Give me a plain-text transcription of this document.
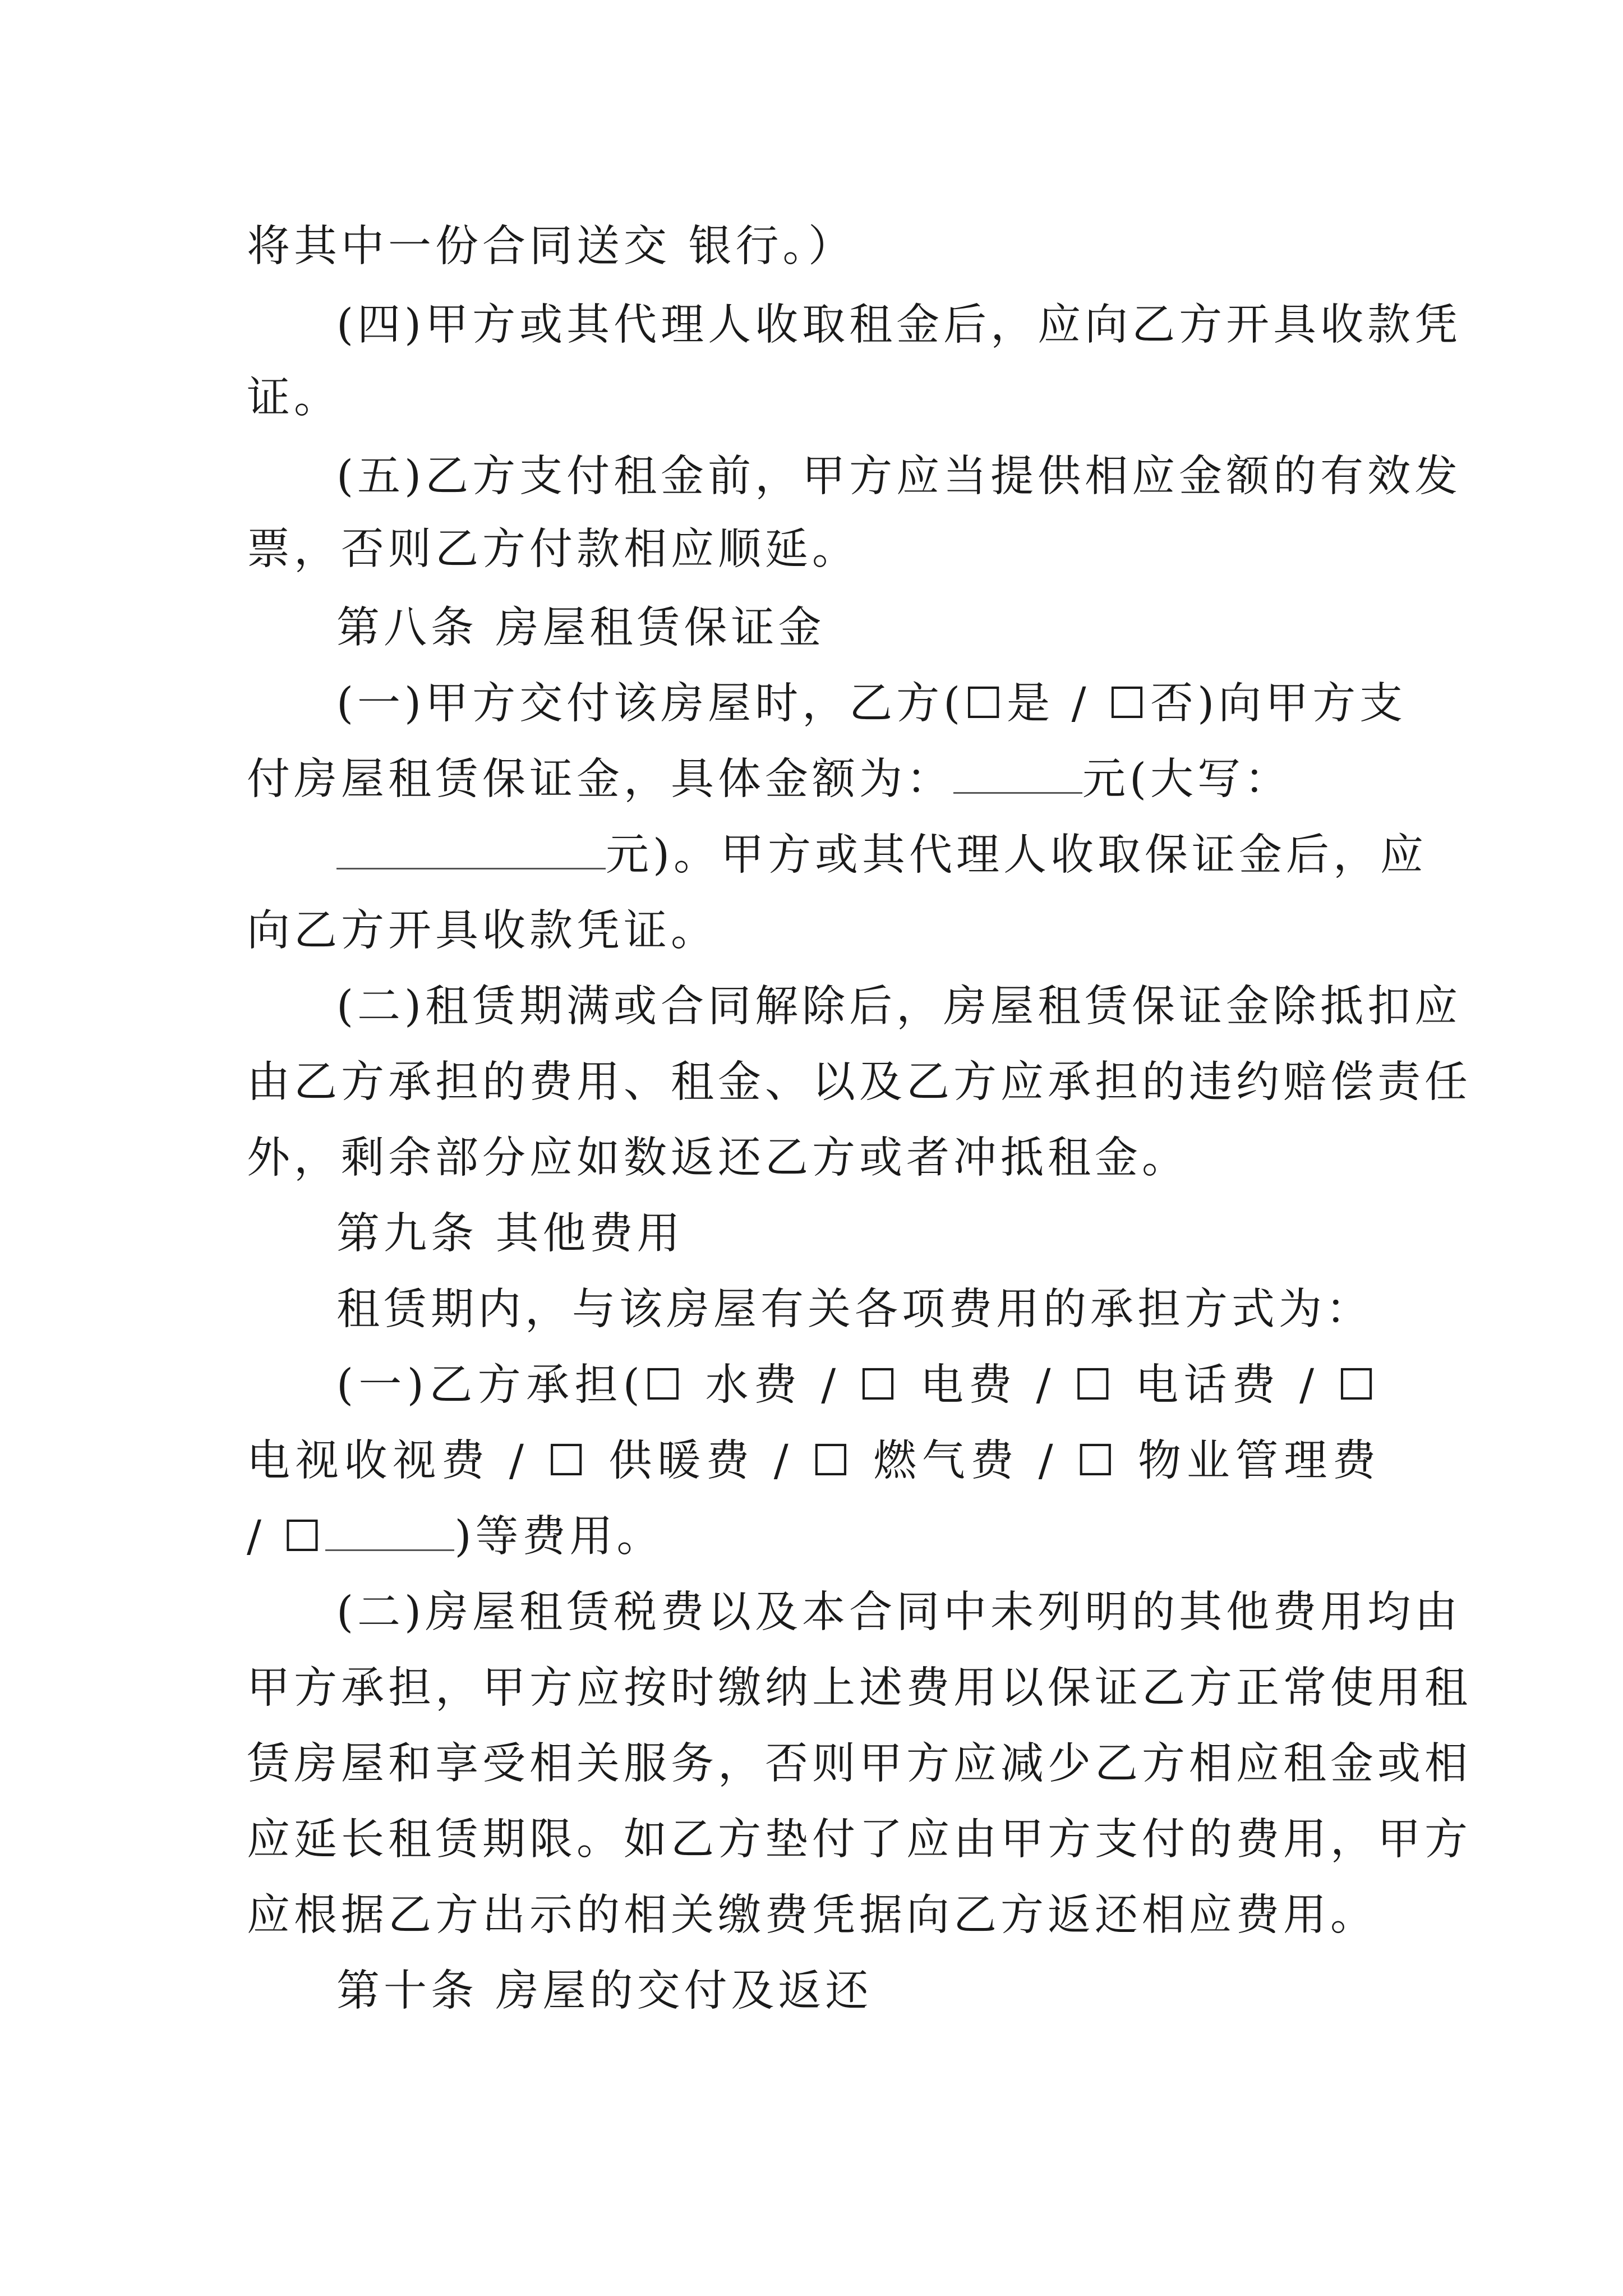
将其中一份合同送交 银行。）
(四)甲方或其代理人收取租金后，应向乙方开具收款凭
证。
(五)乙方支付租金前，甲方应当提供相应金额的有效发
票，否则乙方付款相应顺延。
第八条 房屋租赁保证金
(一)甲方交付该房屋时，乙方(☐是 / ☐否)向甲方支
付房屋租赁保证金，具体金额为：	元(大写：
元)。甲方或其代理人收取保证金后，应
向乙方开具收款凭证。
(二)租赁期满或合同解除后，房屋租赁保证金除抵扣应
由乙方承担的费用、租金、以及乙方应承担的违约赔偿责任
外，剩余部分应如数返还乙方或者冲抵租金。
第九条 其他费用
租赁期内，与该房屋有关各项费用的承担方式为：
(一)乙方承担(☐ 水费 / ☐ 电费 / ☐ 电话费 / ☐
电视收视费 / ☐ 供暖费 / ☐ 燃气费 / ☐ 物业管理费
/ ☐	)等费用。
(二)房屋租赁税费以及本合同中未列明的其他费用均由
甲方承担，甲方应按时缴纳上述费用以保证乙方正常使用租
赁房屋和享受相关服务，否则甲方应减少乙方相应租金或相
应延长租赁期限。如乙方垫付了应由甲方支付的费用，甲方
应根据乙方出示的相关缴费凭据向乙方返还相应费用。
第十条 房屋的交付及返还
